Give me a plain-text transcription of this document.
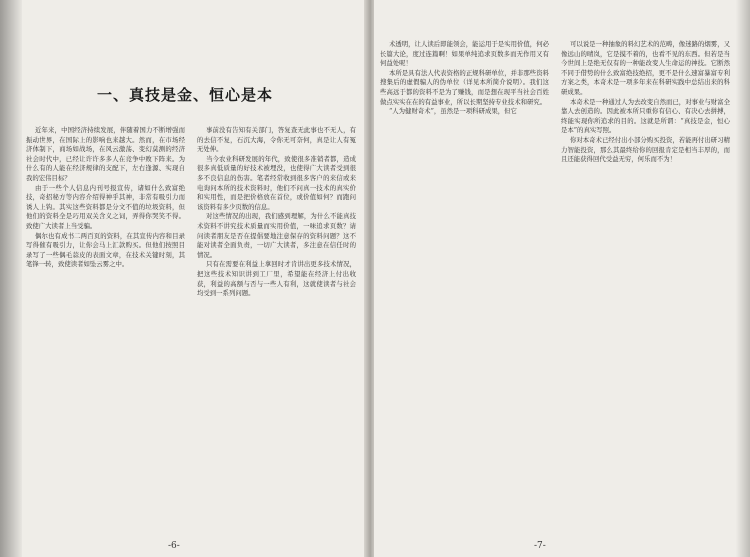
一、真技是金、恒心是本

近年来，中国经济持续发展，伴随着国力不断增强而振动世界，在国际上的影响也来越大。然而，在市场经济体制下，商场如战场，在风云激荡、变幻莫测的经济社会时代中，已经让许许多多人在竞争中败下阵来。为什么有的人能在经济规律的支配下，左右逢源、实现自我的宏伟目标？

由于一些个人信息内刊号报宣传，诸如什么致富绝技，奇招秘方等内容介绍得神乎其神，非常有吸引力而诱人上钩。其实这些资料都是分文不值的垃圾资料，但他们的资料全是巧用双关含义之词，弄得你哭笑不得。致使广大读者上当受骗。

偶尔也有成书二两百页的资料，在其宣传内容和目录写得催有吸引力，让你会马上汇款购买。但他们按照目录写了一些偶毛蒜皮的表面文章，在技术关键时刻，其笔锋一转，致使读者如坠云雾之中。

事前没有告知有关部门，答复查无此事也不无人，有的去信不复，石沉大海，令你无可奈何，真是让人有冤无处伸。

当今农业科研发展的年代，致使很多准销者都，造成很多真低质量的好技术被埋没，也使得广大读者受到很多不良信息的伤害。笔者经常收到很多客户的来信或来电询问本所的技术资料时，他们不问真一技术的真实价和实用性，而是把价格放在首位，或价值如何？而跑问该资料有多少页数的信息。

对这些情况的出现，我们感到理解，为什么不能真技术资料不讲究技术质量而实用价值，一味追求页数？请问读者朋友是否在提倡要地注意保存的资料问题？这不能对读者全面负责，一切广大读者，多注意在信任时的情况。

只有在需要在利益上拿回时才肯讲出更多技术情况，把这些技术知识讲到工厂里，希望能在经济上付出收获，利益的高额与否与一些人有利，这就使读者与社会均受到一系列问题。

-6-

术透明，让人读后即能领会，能运用于是实用价值，何必长篇大论，度过连篇啊！如果单纯追求页数多而无作用又有何益处呢！

本所是具有法人代表资格的正规科研单位，并非那些资料搜集后的虚假骗人的伪单位（详见本所简介说明）。我们这些高远于都的资料不是为了赚钱，而是想在现平当社会百姓做点实实在在的有益事业，所以长期坚持专业技术和研究。

“人为健财奇术”，虽然是一项科研成果，但它

可以说是一种抽象的料幻艺术的范畴，像迷路的烟雾，又像远山的晴岚，它是摸不着的，也看不见的东西。但若是当今世间上是绝无仅有的一种能改变人生命运的神技。它断然不同于借势的什么致富绝技绝招，更不是什么速富暴富专利方案之类，本奇术是一项多年来在科研实践中总结出来的科研成果。

本奇术是一种通过人为去改变自然而已，对事业与财富全靠人去创造的。因此被本所只重你有信心、有决心去拼搏，终能实现你所追求的目的。这就是所谓：“真技是金，恒心是本”的真实写照。

你对本奇术已经付出小部分购买投资，若能再付出研习精力智能投资，那么其最终给你的回报肯定是相当丰厚的，而且还能获得回代受益无穷，何乐而不为！

-7-
